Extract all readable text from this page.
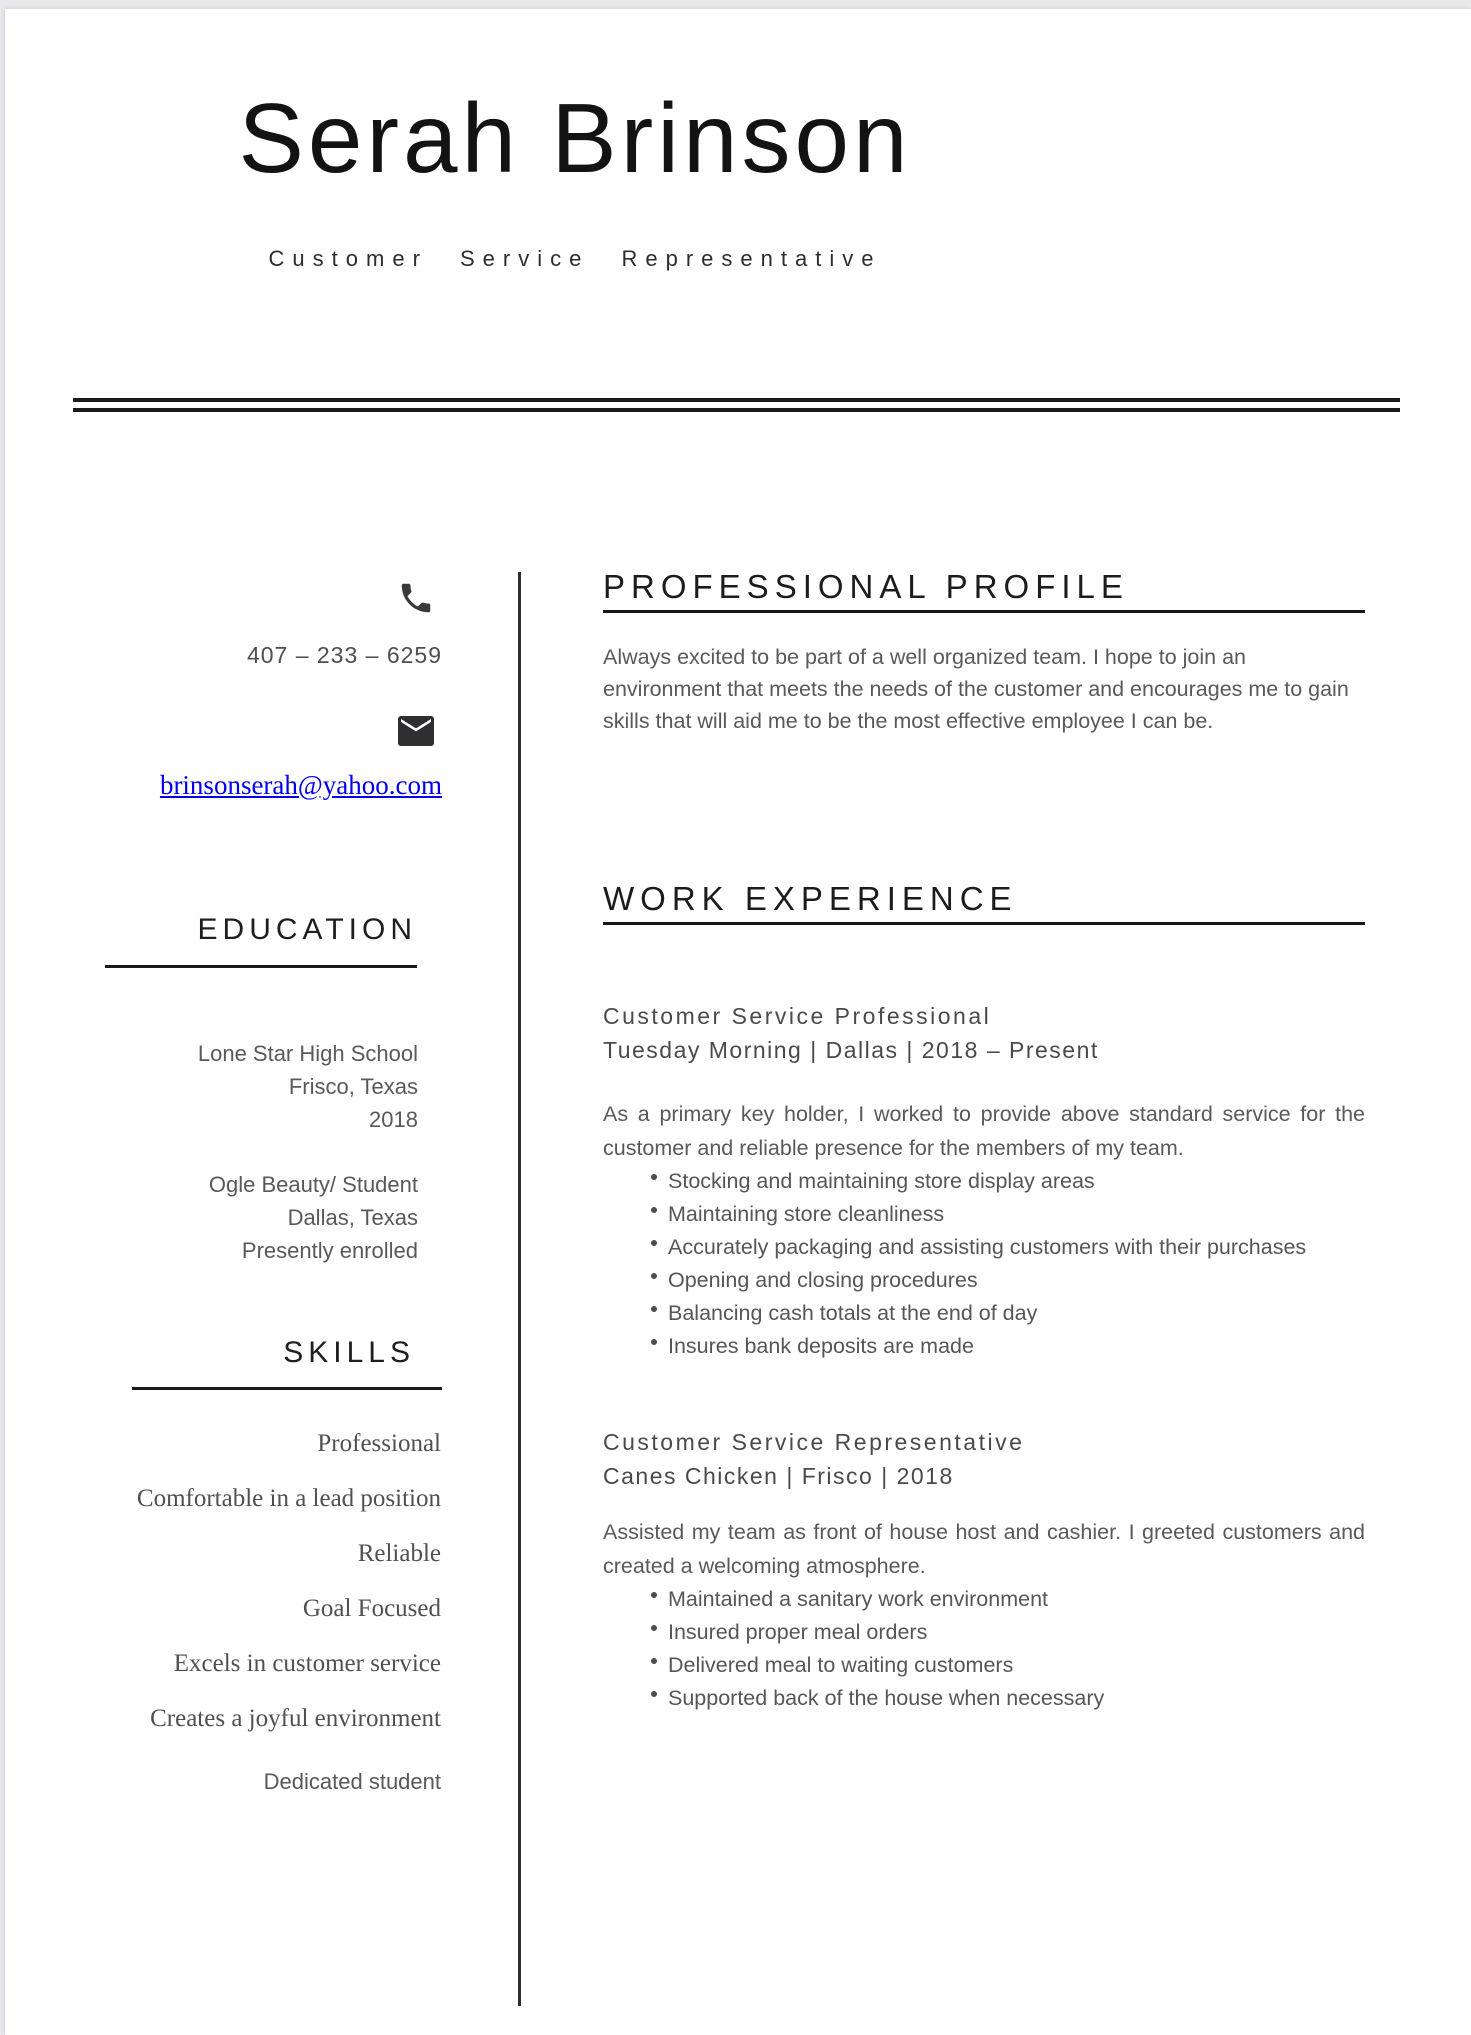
Serah Brinson
Customer Service Representative
407 – 233 – 6259
brinsonserah@yahoo.com
EDUCATION
Lone Star High School
Frisco, Texas
2018
Ogle Beauty/ Student
Dallas, Texas
Presently enrolled
SKILLS
Professional
Comfortable in a lead position
Reliable
Goal Focused
Excels in customer service
Creates a joyful environment
Dedicated student
PROFESSIONAL PROFILE

Always excited to be part of a well organized team. I hope to join an environment that meets the needs of the customer and encourages me to gain skills that will aid me to be the most effective employee I can be.

WORK EXPERIENCE
Customer Service Professional
Tuesday Morning | Dallas | 2018 – Present

As a primary key holder, I worked to provide above standard service for the customer and reliable presence for the members of my team.

Stocking and maintaining store display areas
Maintaining store cleanliness
Accurately packaging and assisting customers with their purchases
Opening and closing procedures
Balancing cash totals at the end of day
Insures bank deposits are made
Customer Service Representative
Canes Chicken | Frisco | 2018

Assisted my team as front of house host and cashier. I greeted customers and created a welcoming atmosphere.

Maintained a sanitary work environment
Insured proper meal orders
Delivered meal to waiting customers
Supported back of the house when necessary
